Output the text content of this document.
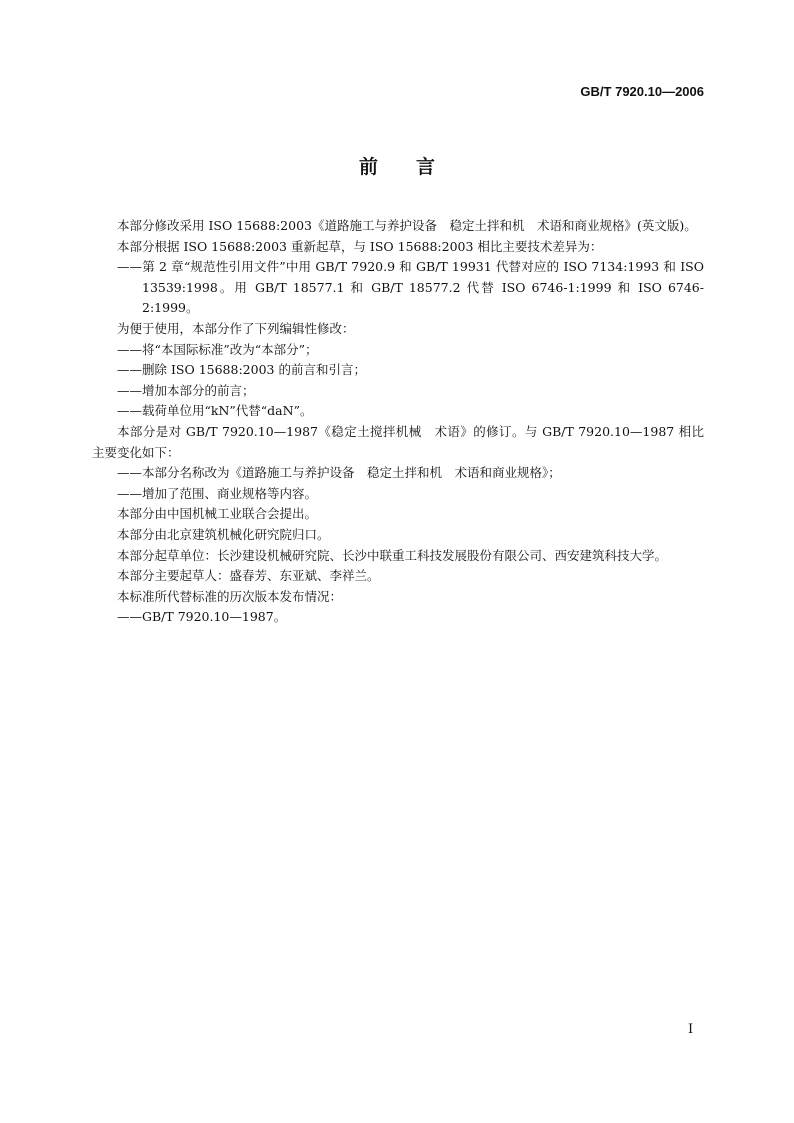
GB/T 7920.10—2006
前言

本部分修改采用 ISO 15688:2003《道路施工与养护设备　稳定土拌和机　术语和商业规格》(英文版)。

本部分根据 ISO 15688:2003 重新起草，与 ISO 15688:2003 相比主要技术差异为：

——第 2 章“规范性引用文件”中用 GB/T 7920.9 和 GB/T 19931 代替对应的 ISO 7134:1993 和 ISO 13539:1998。用 GB/T 18577.1 和 GB/T 18577.2 代替 ISO 6746-1:1999 和 ISO 6746-2:1999。

为便于使用，本部分作了下列编辑性修改：

——将“本国际标准”改为“本部分”；

——删除 ISO 15688:2003 的前言和引言；

——增加本部分的前言；

——载荷单位用“kN”代替“daN”。

本部分是对 GB/T 7920.10—1987《稳定土搅拌机械　术语》的修订。与 GB/T 7920.10—1987 相比主要变化如下：

——本部分名称改为《道路施工与养护设备　稳定土拌和机　术语和商业规格》；

——增加了范围、商业规格等内容。

本部分由中国机械工业联合会提出。

本部分由北京建筑机械化研究院归口。

本部分起草单位：长沙建设机械研究院、长沙中联重工科技发展股份有限公司、西安建筑科技大学。

本部分主要起草人：盛春芳、东亚斌、李祥兰。

本标准所代替标准的历次版本发布情况：

——GB/T 7920.10—1987。

I
